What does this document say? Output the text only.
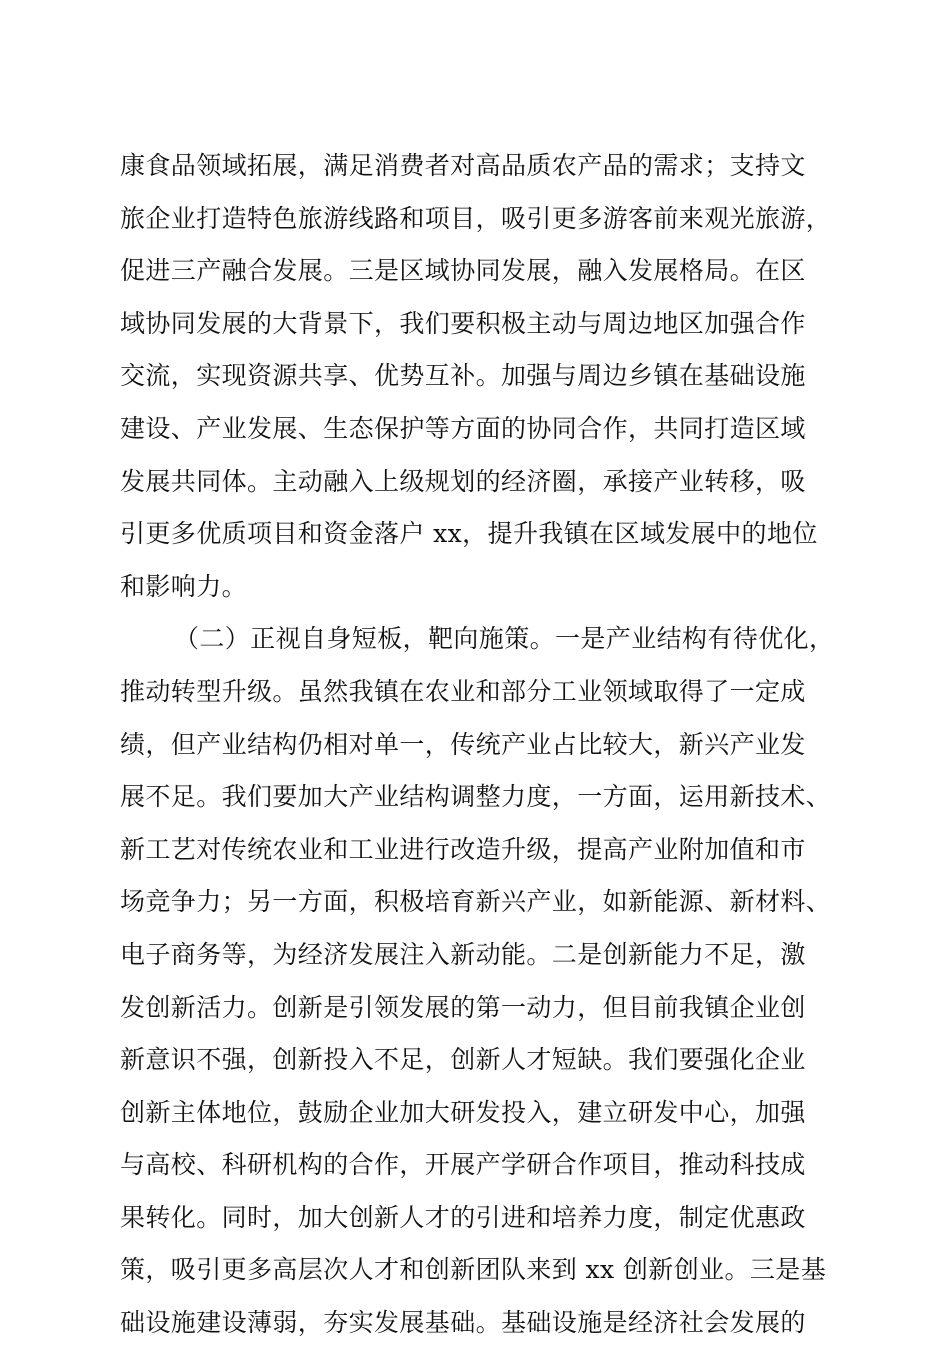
康食品领域拓展，满足消费者对高品质农产品的需求；支持文
旅企业打造特色旅游线路和项目，吸引更多游客前来观光旅游，
促进三产融合发展。三是区域协同发展，融入发展格局。在区
域协同发展的大背景下，我们要积极主动与周边地区加强合作
交流，实现资源共享、优势互补。加强与周边乡镇在基础设施
建设、产业发展、生态保护等方面的协同合作，共同打造区域
发展共同体。主动融入上级规划的经济圈，承接产业转移，吸
引更多优质项目和资金落户 xx，提升我镇在区域发展中的地位
和影响力。
（二）正视自身短板，靶向施策。一是产业结构有待优化，
推动转型升级。虽然我镇在农业和部分工业领域取得了一定成
绩，但产业结构仍相对单一，传统产业占比较大，新兴产业发
展不足。我们要加大产业结构调整力度，一方面，运用新技术、
新工艺对传统农业和工业进行改造升级，提高产业附加值和市
场竞争力；另一方面，积极培育新兴产业，如新能源、新材料、
电子商务等，为经济发展注入新动能。二是创新能力不足，激
发创新活力。创新是引领发展的第一动力，但目前我镇企业创
新意识不强，创新投入不足，创新人才短缺。我们要强化企业
创新主体地位，鼓励企业加大研发投入，建立研发中心，加强
与高校、科研机构的合作，开展产学研合作项目，推动科技成
果转化。同时，加大创新人才的引进和培养力度，制定优惠政
策，吸引更多高层次人才和创新团队来到 xx 创新创业。三是基
础设施建设薄弱，夯实发展基础。基础设施是经济社会发展的
